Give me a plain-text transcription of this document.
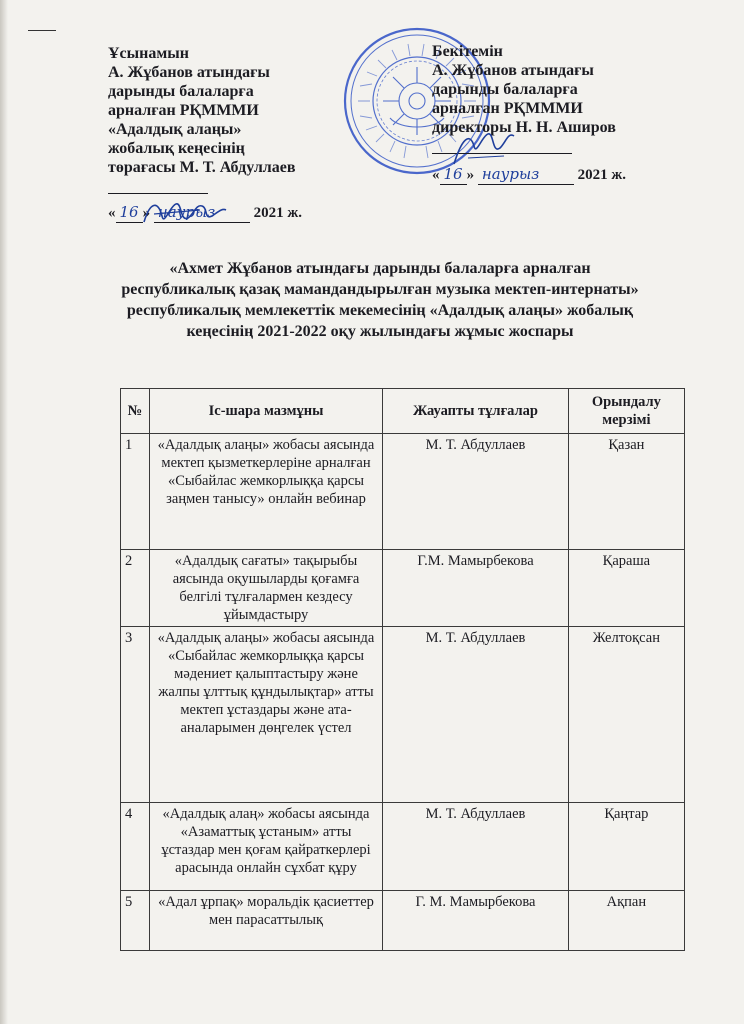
Ұсынамын
А. Жұбанов атындағы
дарынды балаларға
арналған РҚМММИ
«Адалдық алаңы»
жобалық кеңесінің
төрағасы М. Т. Абдуллаев
« 16 » наурыз	2021 ж.
Бекітемін
А. Жұбанов атындағы
дарынды балаларға
арналған РҚМММИ
директоры Н. Н. Аширов
« 16 » наурыз	2021 ж.
«Ахмет Жұбанов атындағы дарынды балаларға арналған
республикалық қазақ мамандандырылған музыка мектеп-интернаты»
республикалық мемлекеттік мекемесінің «Адалдық алаңы» жобалық
кеңесінің 2021-2022 оқу жылындағы жұмыс жоспары
№	Іс-шара мазмұны	Жауапты тұлғалар	Орындалу мерзімі
1	«Адалдық алаңы» жобасы аясында мектеп қызметкерлеріне арналған «Сыбайлас жемкорлыққа қарсы заңмен танысу» онлайн вебинар	М. Т. Абдуллаев	Қазан
2	«Адалдық сағаты» тақырыбы аясында оқушыларды қоғамға белгілі тұлғалармен кездесу ұйымдастыру	Г.М. Мамырбекова	Қараша
3	«Адалдық алаңы» жобасы аясында «Сыбайлас жемкорлыққа қарсы мәдениет қалыптастыру және жалпы ұлттық құндылықтар» атты мектеп ұстаздары және ата-аналарымен дөңгелек үстел	М. Т. Абдуллаев	Желтоқсан
4	«Адалдық алаң» жобасы аясында «Азаматтық ұстаным» атты ұстаздар мен қоғам қайраткерлері арасында онлайн сұхбат құру	М. Т. Абдуллаев	Қаңтар
5	«Адал ұрпақ» моральдік қасиеттер мен парасаттылық	Г. М. Мамырбекова	Ақпан
